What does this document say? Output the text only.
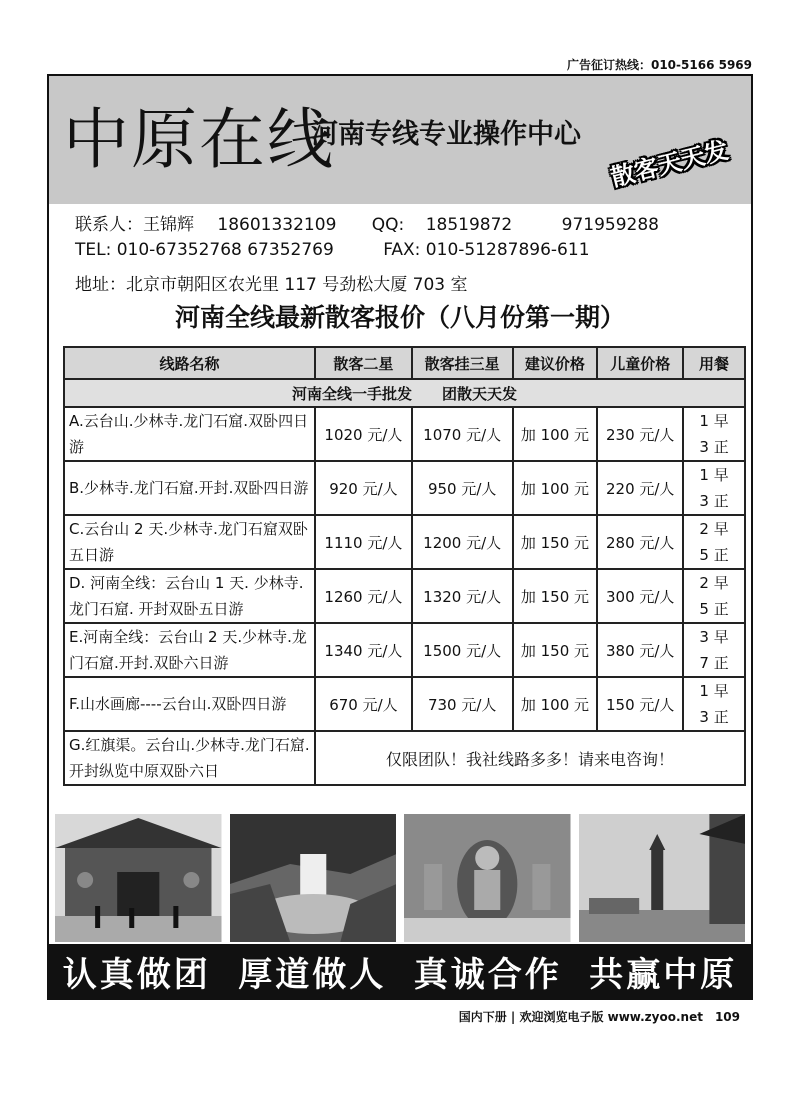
广告征订热线：010-5166 5969
中原在线
河南专线专业操作中心
散客天天发
联系人：王锦辉 18601332109 QQ: 18519872	971959288
TEL: 010-67352768 67352769	FAX: 010-51287896-611
地址：北京市朝阳区农光里 117 号劲松大厦 703 室
河南全线最新散客报价（八月份第一期）
线路名称	散客二星	散客挂三星	建议价格	儿童价格	用餐
河南全线一手批发　　团散天天发					
A.云台山.少林寺.龙门石窟.双卧四日游	1020 元/人	1070 元/人	加 100 元	230 元/人	1 早
3 正

B.少林寺.龙门石窟.开封.双卧四日游	920 元/人	950 元/人	加 100 元	220 元/人	1 早
3 正

C.云台山 2 天.少林寺.龙门石窟双卧五日游	1110 元/人	1200 元/人	加 150 元	280 元/人	2 早
5 正

D. 河南全线：云台山 1 天. 少林寺. 龙门石窟. 开封双卧五日游	1260 元/人	1320 元/人	加 150 元	300 元/人	2 早
5 正

E.河南全线：云台山 2 天.少林寺.龙门石窟.开封.双卧六日游	1340 元/人	1500 元/人	加 150 元	380 元/人	3 早
7 正

F.山水画廊----云台山.双卧四日游	670 元/人	730 元/人	加 100 元	150 元/人	1 早
3 正

G.红旗渠。云台山.少林寺.龙门石窟.开封纵览中原双卧六日	仅限团队！我社线路多多！请来电咨询！				
认真做团 厚道做人 真诚合作 共赢中原
国内下册 | 欢迎浏览电子版 www.zyoo.net　109
